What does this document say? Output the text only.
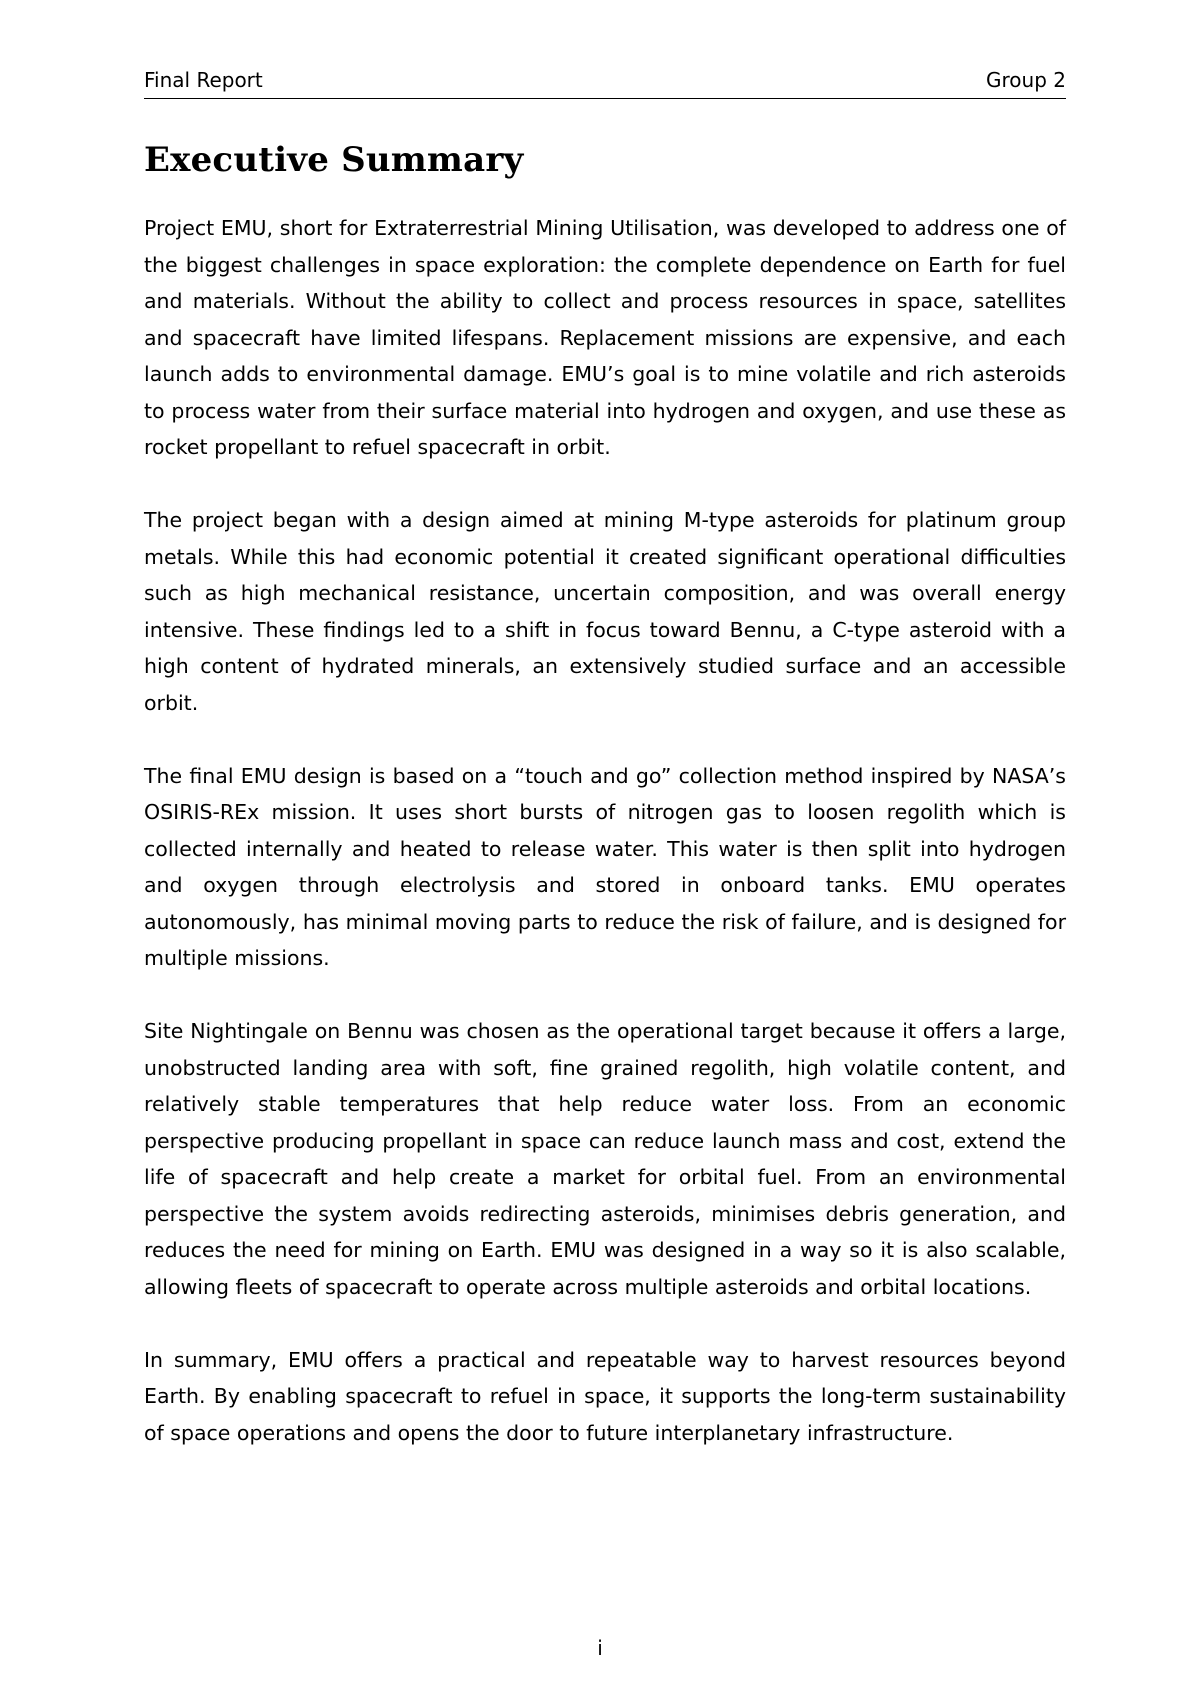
Final Report	Group 2
Executive Summary

Project EMU, short for Extraterrestrial Mining Utilisation, was developed to address one of the biggest challenges in space exploration: the complete dependence on Earth for fuel and materials. Without the ability to collect and process resources in space, satellites and spacecraft have limited lifespans. Replacement missions are expensive, and each launch adds to environmental damage. EMU’s goal is to mine volatile and rich asteroids to process water from their surface material into hydrogen and oxygen, and use these as rocket propellant to refuel spacecraft in orbit.

The project began with a design aimed at mining M-type asteroids for platinum group metals. While this had economic potential it created significant operational difficulties such as high mechanical resistance, uncertain composition, and was overall energy intensive. These findings led to a shift in focus toward Bennu, a C-type asteroid with a high content of hydrated minerals, an extensively studied surface and an accessible orbit.

The final EMU design is based on a “touch and go” collection method inspired by NASA’s OSIRIS-REx mission. It uses short bursts of nitrogen gas to loosen regolith which is collected internally and heated to release water. This water is then split into hydrogen and oxygen through electrolysis and stored in onboard tanks. EMU operates autonomously, has minimal moving parts to reduce the risk of failure, and is designed for multiple missions.

Site Nightingale on Bennu was chosen as the operational target because it offers a large, unobstructed landing area with soft, fine grained regolith, high volatile content, and relatively stable temperatures that help reduce water loss. From an economic perspective producing propellant in space can reduce launch mass and cost, extend the life of spacecraft and help create a market for orbital fuel. From an environmental perspective the system avoids redirecting asteroids, minimises debris generation, and reduces the need for mining on Earth. EMU was designed in a way so it is also scalable, allowing fleets of spacecraft to operate across multiple asteroids and orbital locations.

In summary, EMU offers a practical and repeatable way to harvest resources beyond Earth. By enabling spacecraft to refuel in space, it supports the long-term sustainability of space operations and opens the door to future interplanetary infrastructure.

i
